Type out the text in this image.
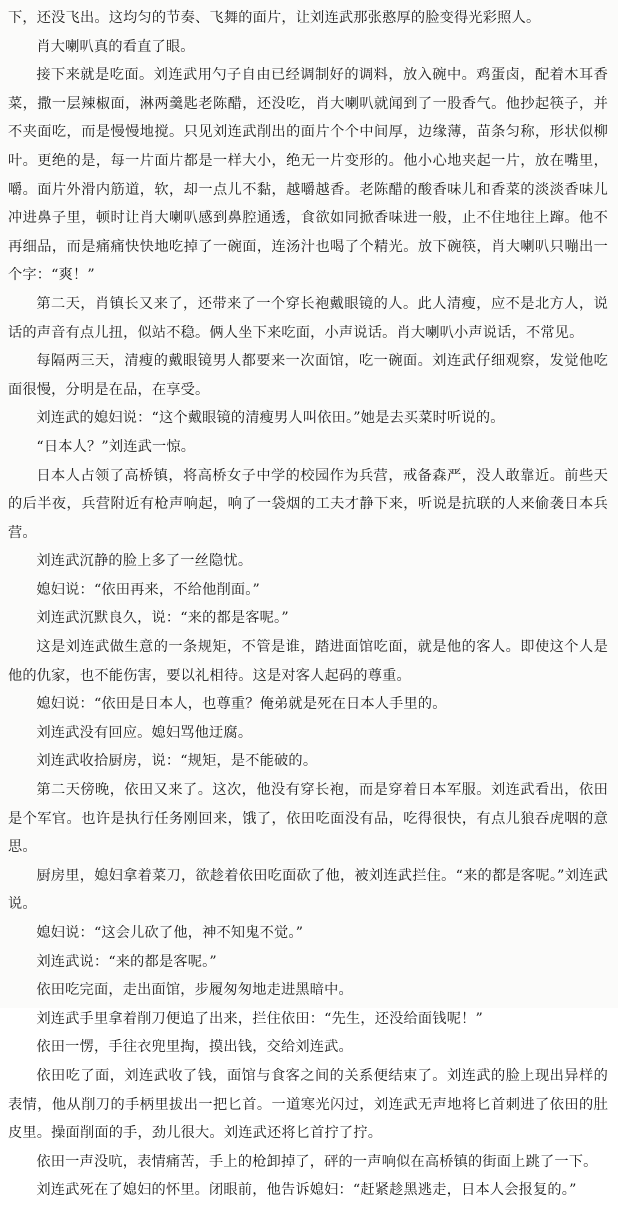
下，还没飞出。这均匀的节奏、飞舞的面片，让刘连武那张憨厚的脸变得光彩照人。

肖大喇叭真的看直了眼。

接下来就是吃面。刘连武用勺子自由已经调制好的调料，放入碗中。鸡蛋卤，配着木耳香菜，撒一层辣椒面，淋两羹匙老陈醋，还没吃，肖大喇叭就闻到了一股香气。他抄起筷子，并不夹面吃，而是慢慢地搅。只见刘连武削出的面片个个中间厚，边缘薄，苗条匀称，形状似柳叶。更绝的是，每一片面片都是一样大小，绝无一片变形的。他小心地夹起一片，放在嘴里，嚼。面片外滑内筋道，软，却一点儿不黏，越嚼越香。老陈醋的酸香味儿和香菜的淡淡香味儿冲进鼻子里，顿时让肖大喇叭感到鼻腔通透，食欲如同掀香味进一般，止不住地往上蹿。他不再细品，而是痛痛快快地吃掉了一碗面，连汤汁也喝了个精光。放下碗筷，肖大喇叭只嘣出一个字：“爽！”

第二天，肖镇长又来了，还带来了一个穿长袍戴眼镜的人。此人清瘦，应不是北方人，说话的声音有点儿扭，似站不稳。俩人坐下来吃面，小声说话。肖大喇叭小声说话，不常见。

每隔两三天，清瘦的戴眼镜男人都要来一次面馆，吃一碗面。刘连武仔细观察，发觉他吃面很慢，分明是在品，在享受。

刘连武的媳妇说：“这个戴眼镜的清瘦男人叫依田。”她是去买菜时听说的。

“日本人？”刘连武一惊。

日本人占领了高桥镇，将高桥女子中学的校园作为兵营，戒备森严，没人敢靠近。前些天的后半夜，兵营附近有枪声响起，响了一袋烟的工夫才静下来，听说是抗联的人来偷袭日本兵营。

刘连武沉静的脸上多了一丝隐忧。

媳妇说：“依田再来，不给他削面。”

刘连武沉默良久，说：“来的都是客呢。”

这是刘连武做生意的一条规矩，不管是谁，踏进面馆吃面，就是他的客人。即使这个人是他的仇家，也不能伤害，要以礼相待。这是对客人起码的尊重。

媳妇说：“依田是日本人，也尊重？俺弟就是死在日本人手里的。

刘连武没有回应。媳妇骂他迂腐。

刘连武收拾厨房，说：“规矩，是不能破的。

第二天傍晚，依田又来了。这次，他没有穿长袍，而是穿着日本军服。刘连武看出，依田是个军官。也许是执行任务刚回来，饿了，依田吃面没有品，吃得很快，有点儿狼吞虎咽的意思。

厨房里，媳妇拿着菜刀，欲趁着依田吃面砍了他，被刘连武拦住。“来的都是客呢。”刘连武说。

媳妇说：“这会儿砍了他，神不知鬼不觉。”

刘连武说：“来的都是客呢。”

依田吃完面，走出面馆，步履匆匆地走进黑暗中。

刘连武手里拿着削刀便追了出来，拦住依田：“先生，还没给面钱呢！”

依田一愣，手往衣兜里掏，摸出钱，交给刘连武。

依田吃了面，刘连武收了钱，面馆与食客之间的关系便结束了。刘连武的脸上现出异样的表情，他从削刀的手柄里拔出一把匕首。一道寒光闪过，刘连武无声地将匕首刺进了依田的肚皮里。操面削面的手，劲儿很大。刘连武还将匕首拧了拧。

依田一声没吭，表情痛苦，手上的枪卸掉了，砰的一声响似在高桥镇的街面上跳了一下。

刘连武死在了媳妇的怀里。闭眼前，他告诉媳妇：“赶紧趁黑逃走，日本人会报复的。”
